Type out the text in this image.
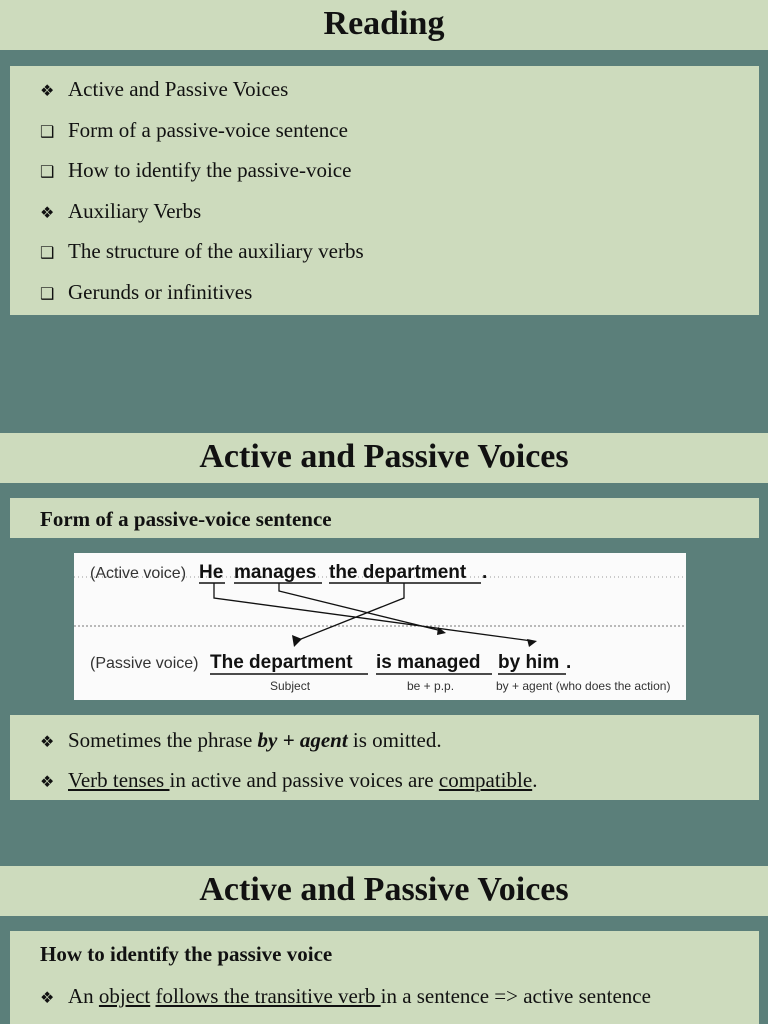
Reading
❖ Active and Passive Voices
❑ Form of a passive-voice sentence
❑ How to identify the passive-voice
❖ Auxiliary Verbs
❑ The structure of the auxiliary verbs
❑ Gerunds or infinitives
Active and Passive Voices
Form of a passive-voice sentence
(Active voice) He manages the department .
(Passive voice) The department is managed by him .
Subject	be + p.p.	by + agent (who does the action)
❖ Sometimes the phrase by + agent is omitted.
❖ Verb tenses in active and passive voices are compatible.
Active and Passive Voices
How to identify the passive voice
❖ An object follows the transitive verb in a sentence => active sentence
